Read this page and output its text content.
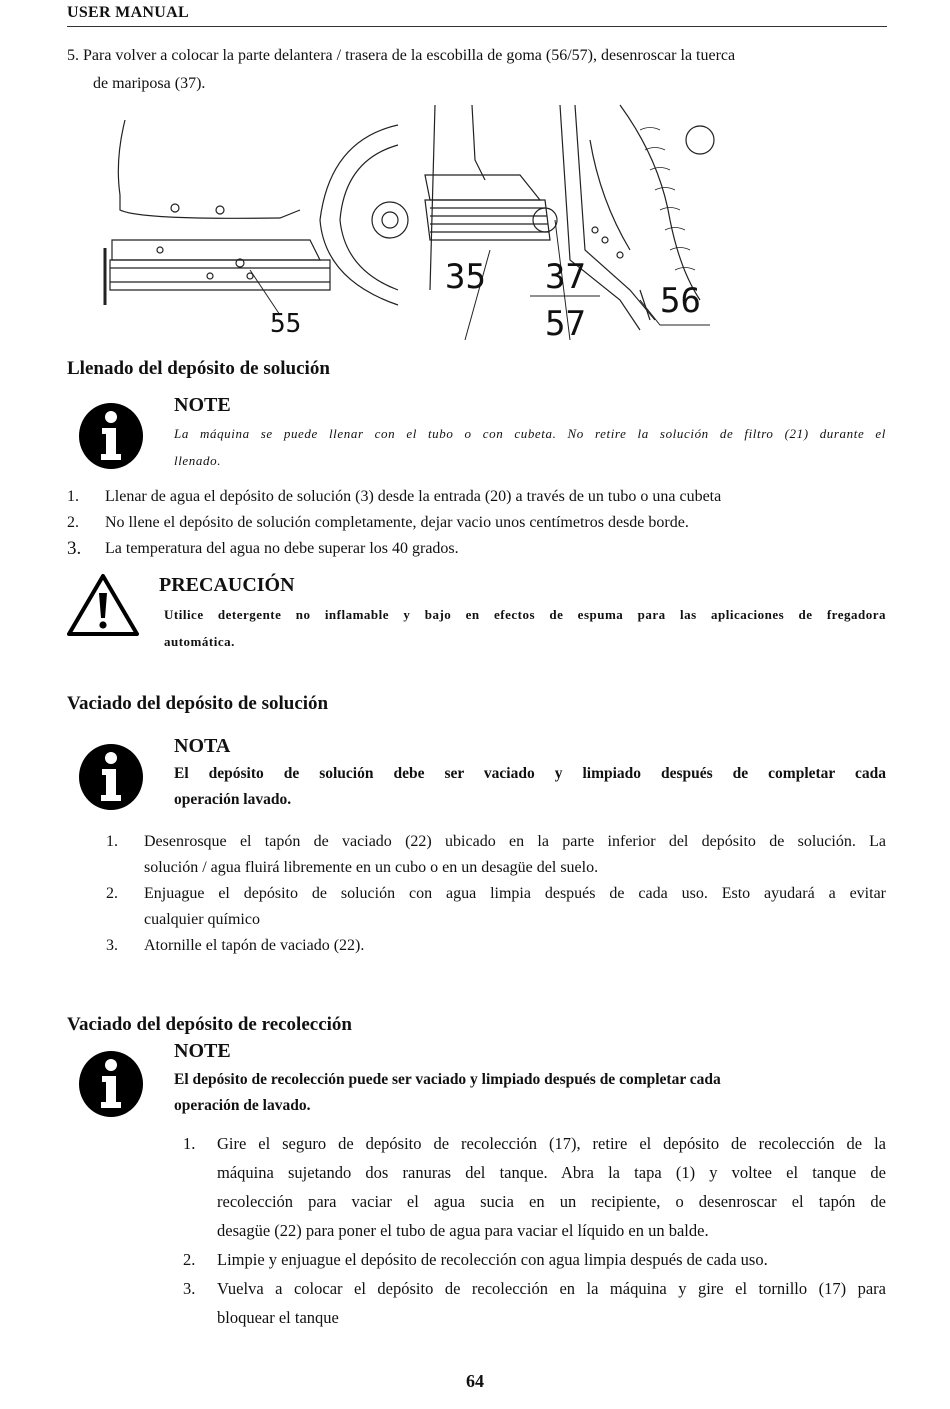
USER MANUAL
5. Para volver a colocar la parte delantera / trasera de la escobilla de goma (56/57), desenroscar la tuerca
de mariposa (37).
55
35 37
57
56
Llenado del depósito de solución
NOTE
La máquina se puede llenar con el tubo o con cubeta. No retire la solución de filtro (21) durante el
llenado.
1. Llenar de agua el depósito de solución (3) desde la entrada (20) a través de un tubo o una cubeta
2. No llene el depósito de solución completamente, dejar vacio unos centímetros desde borde.
3. La temperatura del agua no debe superar los 40 grados.
PRECAUCIÓN
Utilice detergente no inflamable y bajo en efectos de espuma para las aplicaciones de fregadora
automática.
Vaciado del depósito de solución
NOTA
El depósito de solución debe ser vaciado y limpiado después de completar cada
operación lavado.
1.	Desenrosque el tapón de vaciado (22) ubicado en la parte inferior del depósito de solución. La
solución / agua fluirá libremente en un cubo o en un desagüe del suelo.
2.	Enjuague el depósito de solución con agua limpia después de cada uso. Esto ayudará a evitar
cualquier químico
3.	Atornille el tapón de vaciado (22).
Vaciado del depósito de recolección
NOTE
El depósito de recolección puede ser vaciado y limpiado después de completar cada
operación de lavado.
1.	Gire el seguro de depósito de recolección (17), retire el depósito de recolección de la
máquina sujetando dos ranuras del tanque. Abra la tapa (1) y voltee el tanque de
recolección para vaciar el agua sucia en un recipiente, o desenroscar el tapón de
desagüe (22) para poner el tubo de agua para vaciar el líquido en un balde.
2.	Limpie y enjuague el depósito de recolección con agua limpia después de cada uso.
3.	Vuelva a colocar el depósito de recolección en la máquina y gire el tornillo (17) para
bloquear el tanque
64
